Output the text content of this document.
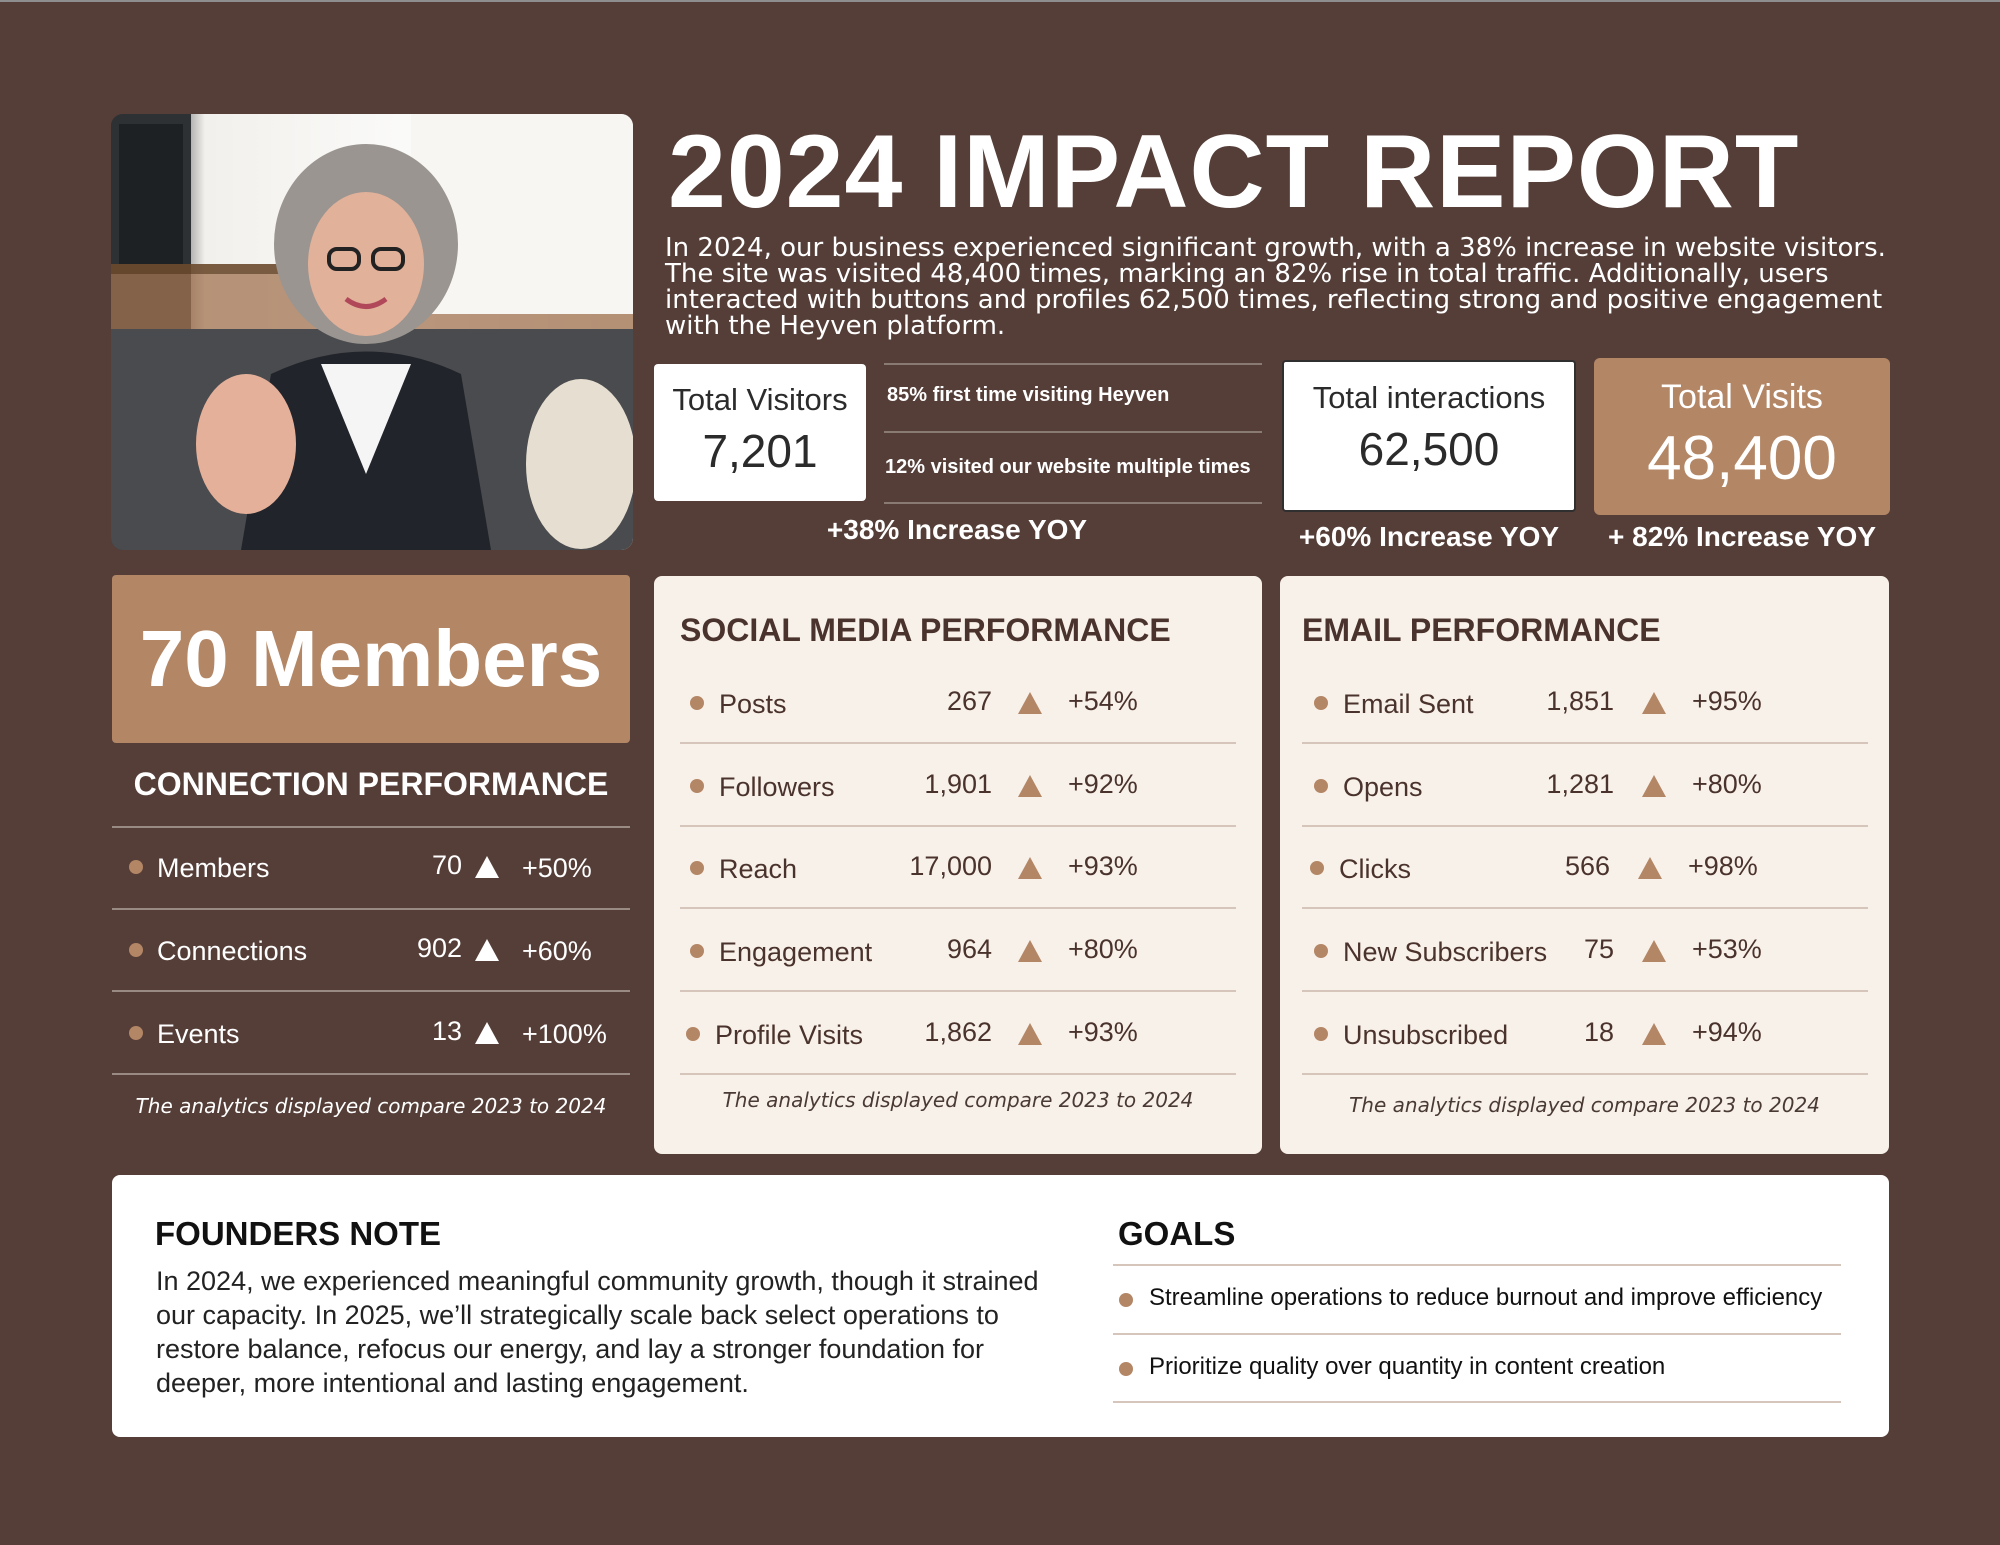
2024 IMPACT REPORT
In 2024, our business experienced significant growth, with a 38% increase in website visitors. The site was visited 48,400 times, marking an 82% rise in total traffic. Additionally, users interacted with buttons and profiles 62,500 times, reflecting strong and positive engagement with the Heyven platform.
Total Visitors
7,201
85% first time visiting Heyven
12% visited our website multiple times
+38% Increase YOY
Total interactions
62,500
+60% Increase YOY
Total Visits
48,400
+ 82% Increase YOY
70 Members
CONNECTION PERFORMANCE
Members	70 +50%
Connections	902 +60%
Events	13 +100%
The analytics displayed compare 2023 to 2024
SOCIAL MEDIA PERFORMANCE
Posts	267	+54%
Followers	1,901	+92%
Reach	17,000	+93%
Engagement	964	+80%
Profile Visits 1,862	+93%
The analytics displayed compare 2023 to 2024
EMAIL PERFORMANCE
Email Sent	1,851	+95%
Opens	1,281	+80%
Clicks	566	+98%
New Subscribers 75	+53%
Unsubscribed	18	+94%
The analytics displayed compare 2023 to 2024
FOUNDERS NOTE
In 2024, we experienced meaningful community growth, though it strained our capacity. In 2025, we’ll strategically scale back select operations to restore balance, refocus our energy, and lay a stronger foundation for deeper, more intentional and lasting engagement.
GOALS
Streamline operations to reduce burnout and improve efficiency
Prioritize quality over quantity in content creation
